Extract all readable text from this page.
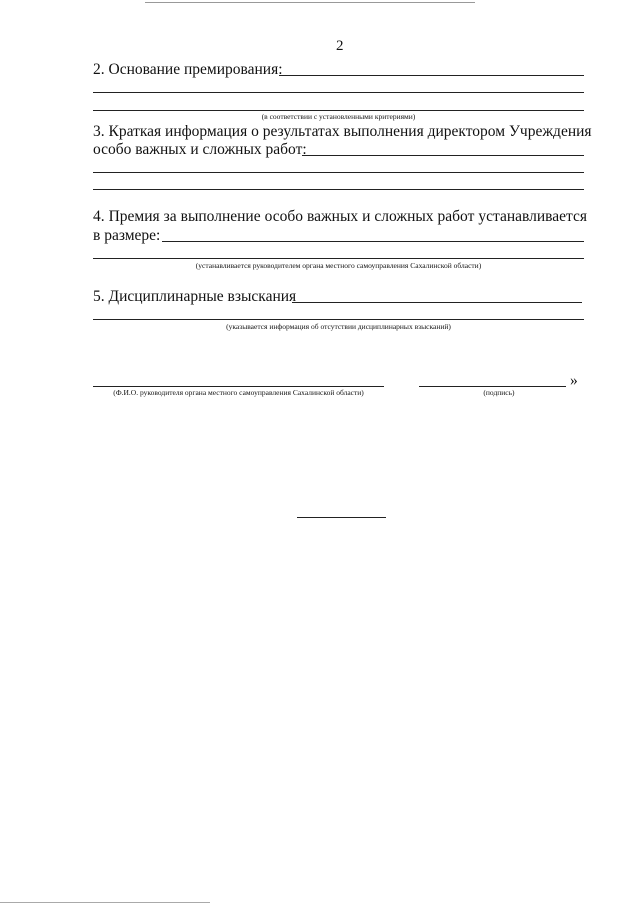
2
2. Основание премирования:
(в соответствии с установленными критериями)
3. Краткая информация о результатах выполнения директором Учреждения
особо важных и сложных работ:
4. Премия за выполнение особо важных и сложных работ устанавливается
в размере:
(устанавливается руководителем органа местного самоуправления Сахалинской области)
5. Дисциплинарные взыскания
(указывается информация об отсутствии дисциплинарных взысканий)
(Ф.И.О. руководителя органа местного самоуправления Сахалинской области)
»
(подпись)
